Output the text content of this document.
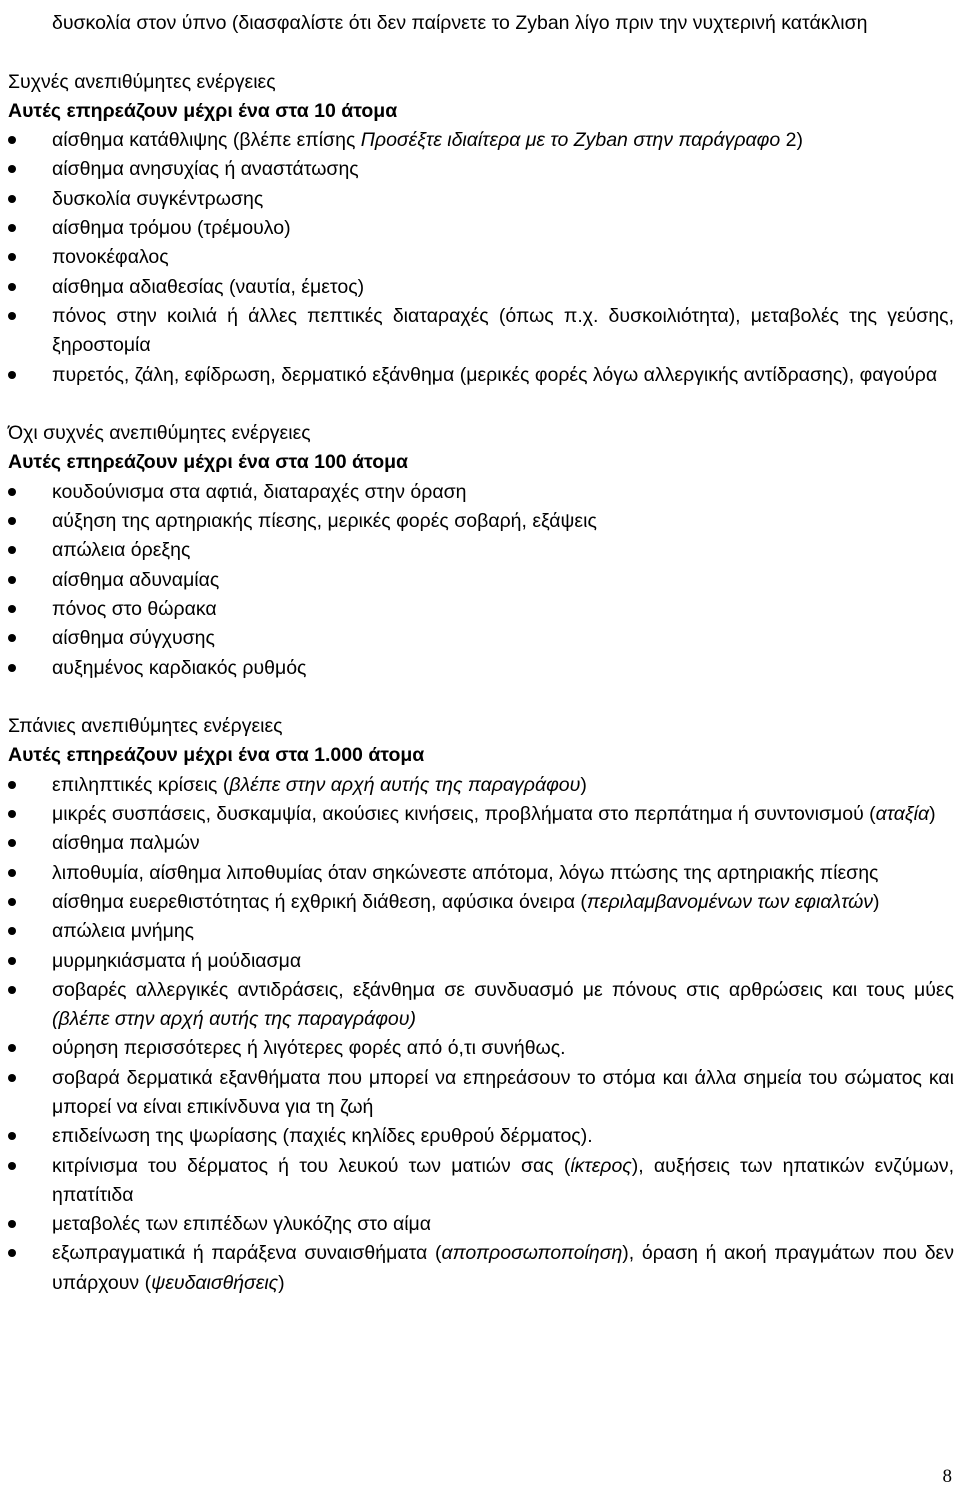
δυσκολία στον ύπνο (διασφαλίστε ότι δεν παίρνετε το Zyban λίγο πριν την νυχτερινή κατάκλιση

Συχνές ανεπιθύμητες ενέργειες
Αυτές επηρεάζουν μέχρι ένα στα 10 άτομα
αίσθημα κατάθλιψης (βλέπε επίσης Προσέξτε ιδιαίτερα με το Zyban στην παράγραφο 2)
αίσθημα ανησυχίας ή αναστάτωσης
δυσκολία συγκέντρωσης
αίσθημα τρόμου (τρέμουλο)
πονοκέφαλος
αίσθημα αδιαθεσίας (ναυτία, έμετος)
πόνος στην κοιλιά ή άλλες πεπτικές διαταραχές (όπως π.χ. δυσκοιλιότητα), μεταβολές της γεύσης, ξηροστομία
πυρετός, ζάλη, εφίδρωση, δερματικό εξάνθημα (μερικές φορές λόγω αλλεργικής αντίδρασης), φαγούρα
Όχι συχνές ανεπιθύμητες ενέργειες
Αυτές επηρεάζουν μέχρι ένα στα 100 άτομα
κουδούνισμα στα αφτιά, διαταραχές στην όραση
αύξηση της αρτηριακής πίεσης, μερικές φορές σοβαρή, εξάψεις
απώλεια όρεξης
αίσθημα αδυναμίας
πόνος στο θώρακα
αίσθημα σύγχυσης
αυξημένος καρδιακός ρυθμός
Σπάνιες ανεπιθύμητες ενέργειες
Αυτές επηρεάζουν μέχρι ένα στα 1.000 άτομα
επιληπτικές κρίσεις (βλέπε στην αρχή αυτής της παραγράφου)
μικρές συσπάσεις, δυσκαμψία, ακούσιες κινήσεις, προβλήματα στο περπάτημα ή συντονισμού (αταξία)
αίσθημα παλμών
λιποθυμία, αίσθημα λιποθυμίας όταν σηκώνεστε απότομα, λόγω πτώσης της αρτηριακής πίεσης
αίσθημα ευερεθιστότητας ή εχθρική διάθεση, αφύσικα όνειρα (περιλαμβανομένων των εφιαλτών)
απώλεια μνήμης
μυρμηκιάσματα ή μούδιασμα
σοβαρές αλλεργικές αντιδράσεις, εξάνθημα σε συνδυασμό με πόνους στις αρθρώσεις και τους μύες (βλέπε στην αρχή αυτής της παραγράφου)
ούρηση περισσότερες ή λιγότερες φορές από ό,τι συνήθως.
σοβαρά δερματικά εξανθήματα που μπορεί να επηρεάσουν το στόμα και άλλα σημεία του σώματος και μπορεί να είναι επικίνδυνα για τη ζωή
επιδείνωση της ψωρίασης (παχιές κηλίδες ερυθρού δέρματος).
κιτρίνισμα του δέρματος ή του λευκού των ματιών σας (ίκτερος), αυξήσεις των ηπατικών ενζύμων, ηπατίτιδα
μεταβολές των επιπέδων γλυκόζης στο αίμα
εξωπραγματικά ή παράξενα συναισθήματα (αποπροσωποποίηση), όραση ή ακοή πραγμάτων που δεν υπάρχουν (ψευδαισθήσεις)
8
